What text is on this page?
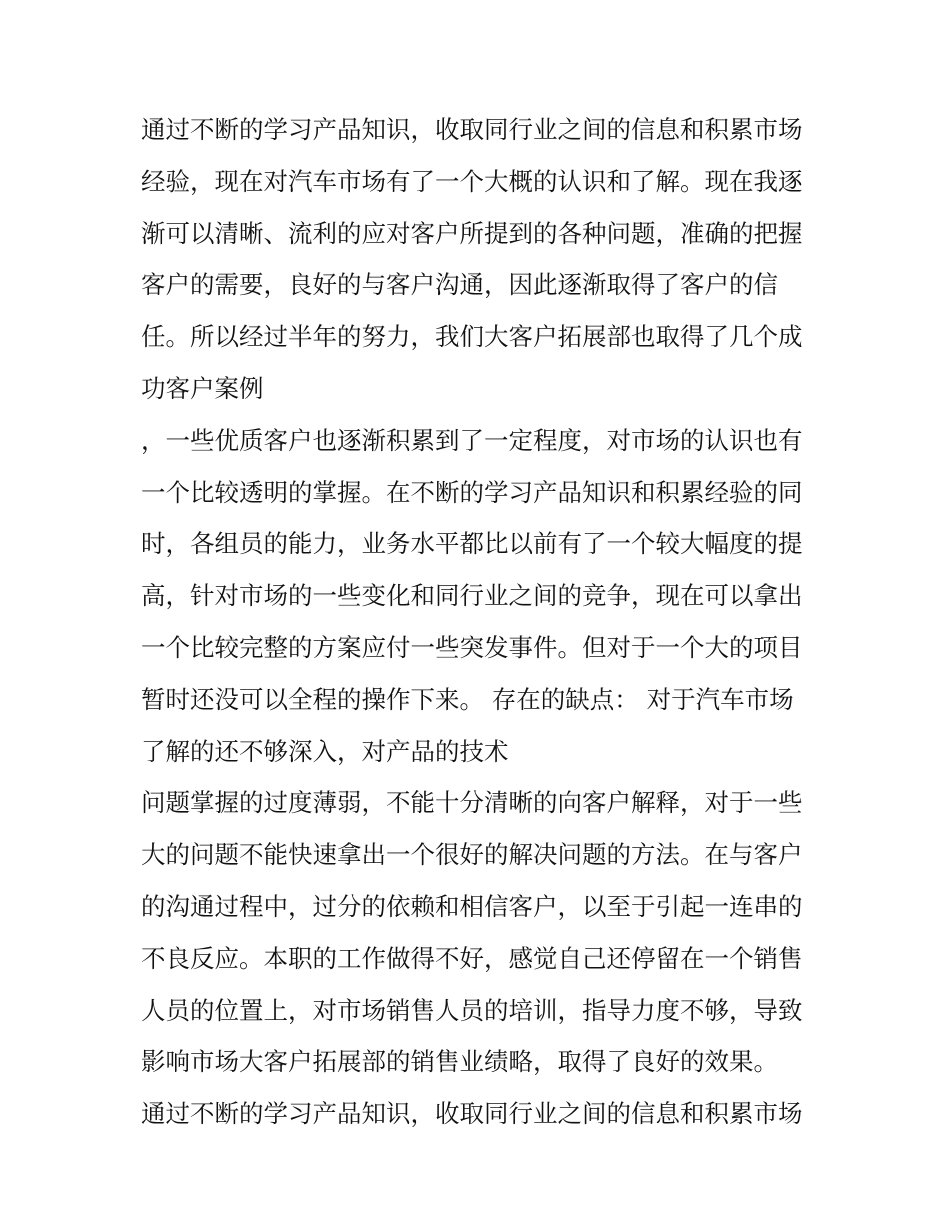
通过不断的学习产品知识，收取同行业之间的信息和积累市场
经验，现在对汽车市场有了一个大概的认识和了解。现在我逐
渐可以清晰、流利的应对客户所提到的各种问题，准确的把握
客户的需要，良好的与客户沟通，因此逐渐取得了客户的信
任。所以经过半年的努力，我们大客户拓展部也取得了几个成
功客户案例
，一些优质客户也逐渐积累到了一定程度，对市场的认识也有
一个比较透明的掌握。在不断的学习产品知识和积累经验的同
时，各组员的能力，业务水平都比以前有了一个较大幅度的提
高，针对市场的一些变化和同行业之间的竞争，现在可以拿出
一个比较完整的方案应付一些突发事件。但对于一个大的项目
暂时还没可以全程的操作下来。 存在的缺点： 对于汽车市场
了解的还不够深入，对产品的技术
问题掌握的过度薄弱，不能十分清晰的向客户解释，对于一些
大的问题不能快速拿出一个很好的解决问题的方法。在与客户
的沟通过程中，过分的依赖和相信客户，以至于引起一连串的
不良反应。本职的工作做得不好，感觉自己还停留在一个销售
人员的位置上，对市场销售人员的培训，指导力度不够，导致
影响市场大客户拓展部的销售业绩略，取得了良好的效果。
通过不断的学习产品知识，收取同行业之间的信息和积累市场
